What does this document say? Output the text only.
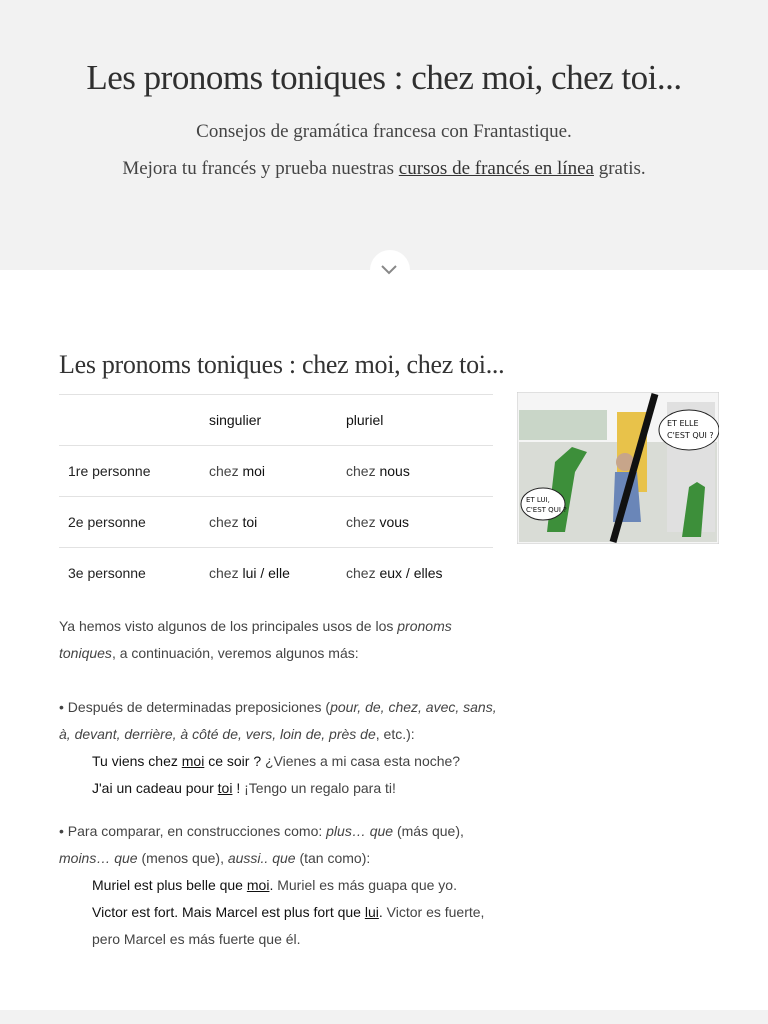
Les pronoms toniques : chez moi, chez toi...
Consejos de gramática francesa con Frantastique.
Mejora tu francés y prueba nuestras cursos de francés en línea gratis.
Les pronoms toniques : chez moi, chez toi...
	singulier	pluriel
1re personne	chez moi	chez nous
2e personne	chez toi	chez vous
3e personne	chez lui / elle	chez eux / elles
ET ELLE
C'EST QUI ?
ET LUI,
C'EST QUI ?
Ya hemos visto algunos de los principales usos de los pronoms toniques, a continuación, veremos algunos más:
• Después de determinadas preposiciones (pour, de, chez, avec, sans, à, devant, derrière, à côté de, vers, loin de, près de, etc.):
Tu viens chez moi ce soir ? ¿Vienes a mi casa esta noche?
J'ai un cadeau pour toi ! ¡Tengo un regalo para ti!
• Para comparar, en construcciones como: plus… que (más que), moins… que (menos que), aussi.. que (tan como):
Muriel est plus belle que moi. Muriel es más guapa que yo.
Victor est fort. Mais Marcel est plus fort que lui. Victor es fuerte,
pero Marcel es más fuerte que él.
